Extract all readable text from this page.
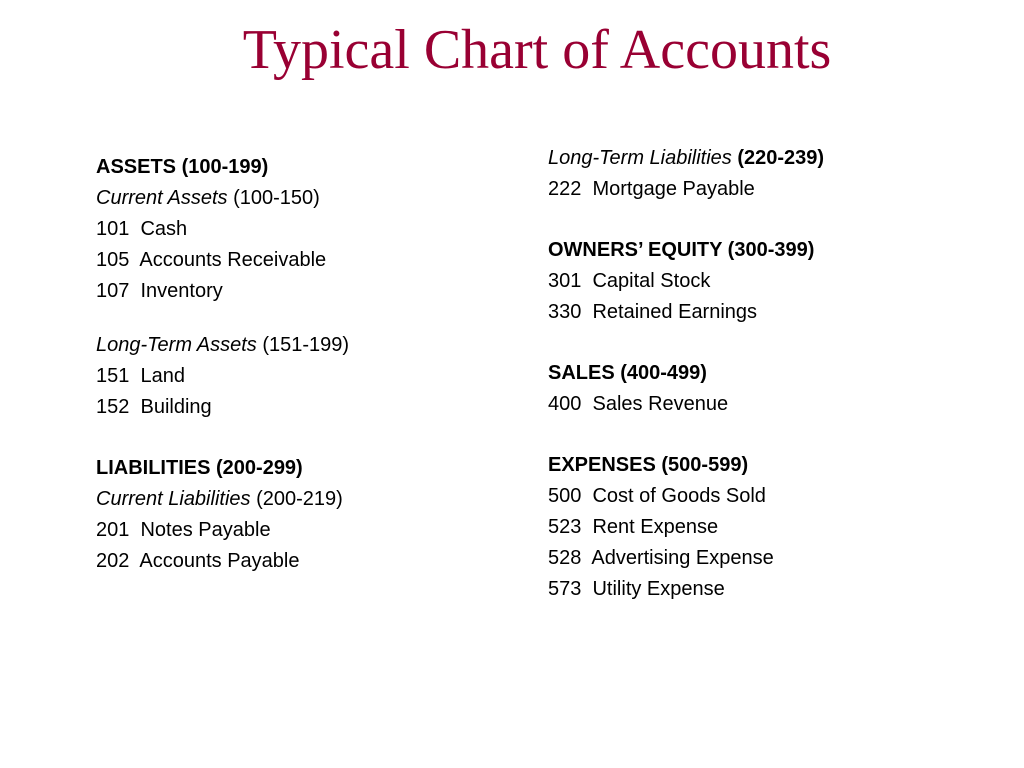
Typical Chart of Accounts
ASSETS (100-199)
Current Assets (100-150)
101  Cash
105  Accounts Receivable
107  Inventory
Long-Term Assets (151-199)
151  Land
152  Building
LIABILITIES (200-299)
Current Liabilities (200-219)
201  Notes Payable
202  Accounts Payable
Long-Term Liabilities (220-239)
222  Mortgage Payable
OWNERS’ EQUITY (300-399)
301  Capital Stock
330  Retained Earnings
SALES (400-499)
400  Sales Revenue
EXPENSES (500-599)
500  Cost of Goods Sold
523  Rent Expense
528  Advertising Expense
573  Utility Expense
